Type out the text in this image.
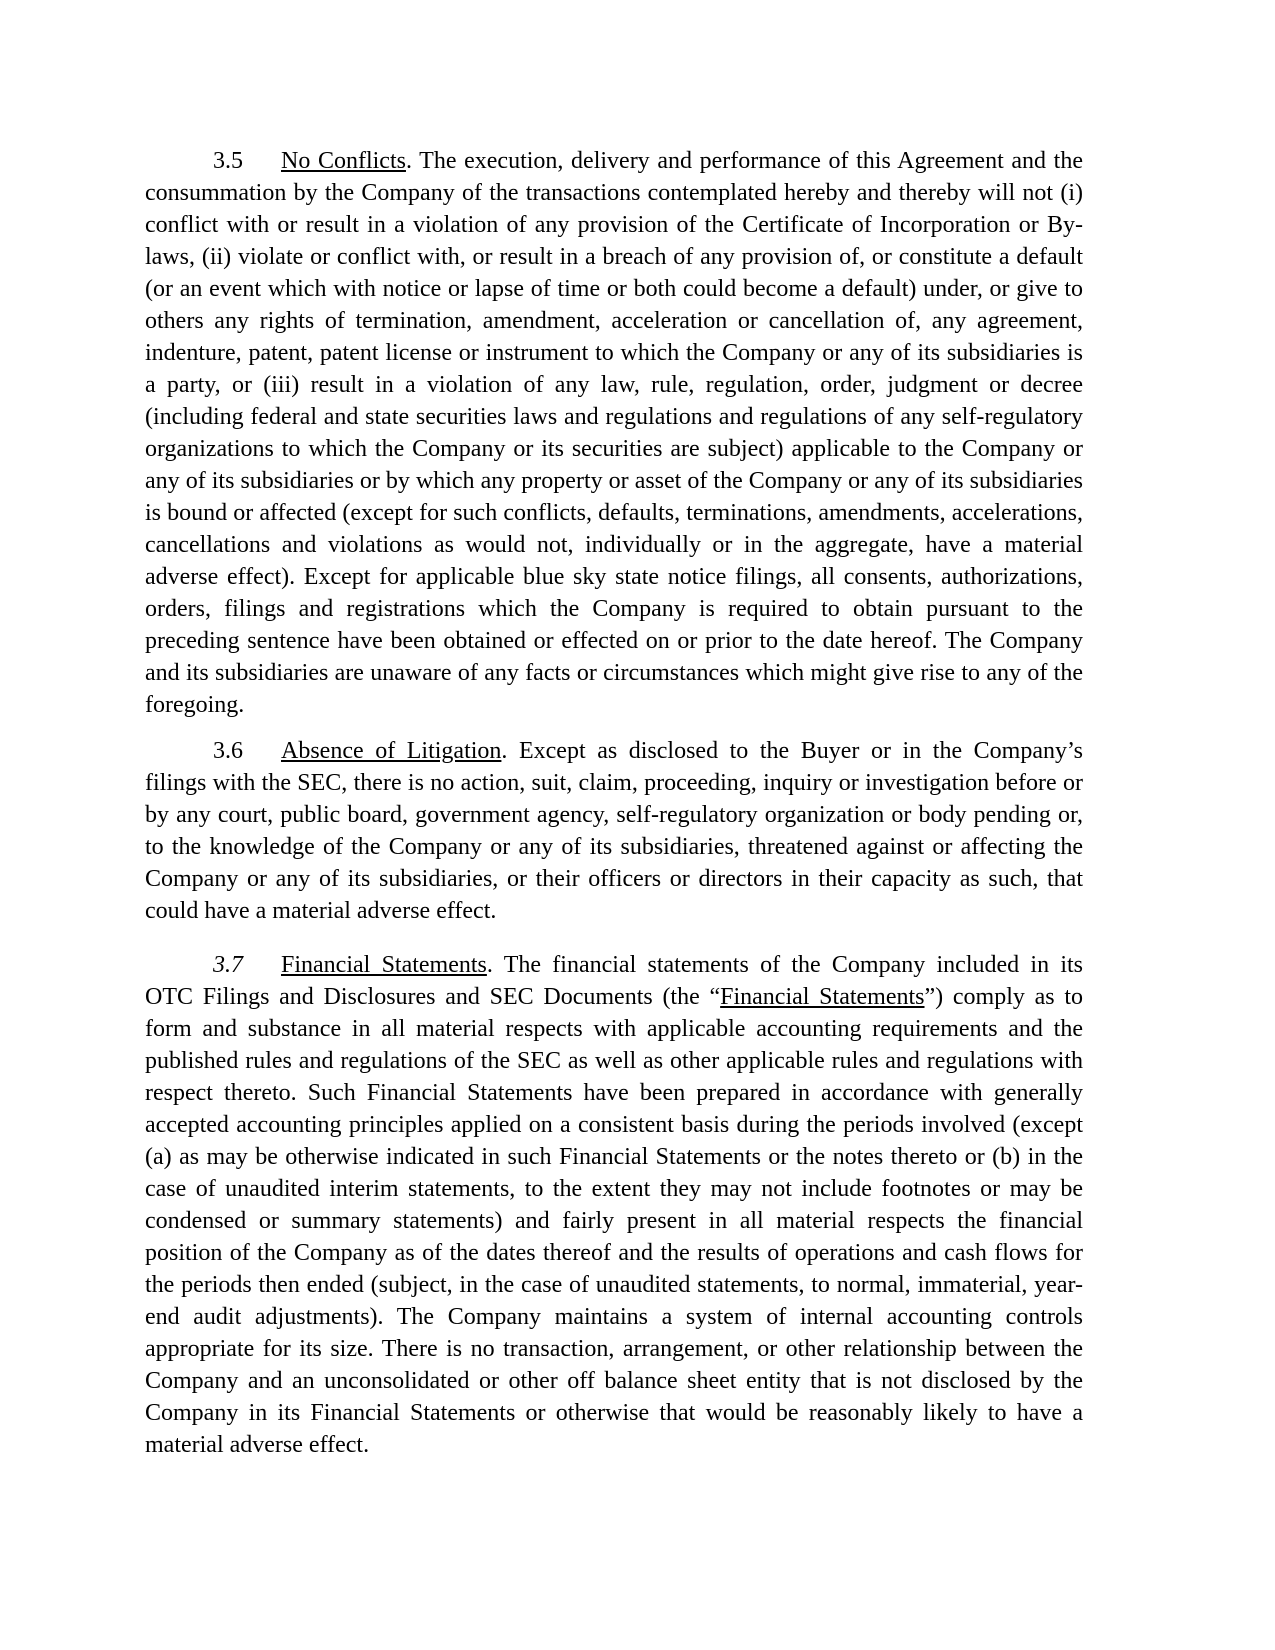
3.5 No Conflicts. The execution, delivery and performance of this Agreement and the consummation by the Company of the transactions contemplated hereby and thereby will not (i) conflict with or result in a violation of any provision of the Certificate of Incorporation or By-laws, (ii) violate or conflict with, or result in a breach of any provision of, or constitute a default (or an event which with notice or lapse of time or both could become a default) under, or give to others any rights of termination, amendment, acceleration or cancellation of, any agreement, indenture, patent, patent license or instrument to which the Company or any of its subsidiaries is a party, or (iii) result in a violation of any law, rule, regulation, order, judgment or decree (including federal and state securities laws and regulations and regulations of any self-regulatory organizations to which the Company or its securities are subject) applicable to the Company or any of its subsidiaries or by which any property or asset of the Company or any of its subsidiaries is bound or affected (except for such conflicts, defaults, terminations, amendments, accelerations, cancellations and violations as would not, individually or in the aggregate, have a material adverse effect). Except for applicable blue sky state notice filings, all consents, authorizations, orders, filings and registrations which the Company is required to obtain pursuant to the preceding sentence have been obtained or effected on or prior to the date hereof. The Company and its subsidiaries are unaware of any facts or circumstances which might give rise to any of the foregoing.

3.6 Absence of Litigation. Except as disclosed to the Buyer or in the Company’s filings with the SEC, there is no action, suit, claim, proceeding, inquiry or investigation before or by any court, public board, government agency, self-regulatory organization or body pending or, to the knowledge of the Company or any of its subsidiaries, threatened against or affecting the Company or any of its subsidiaries, or their officers or directors in their capacity as such, that could have a material adverse effect.

3.7 Financial Statements. The financial statements of the Company included in its OTC Filings and Disclosures and SEC Documents (the “Financial Statements”) comply as to form and substance in all material respects with applicable accounting requirements and the published rules and regulations of the SEC as well as other applicable rules and regulations with respect thereto. Such Financial Statements have been prepared in accordance with generally accepted accounting principles applied on a consistent basis during the periods involved (except (a) as may be otherwise indicated in such Financial Statements or the notes thereto or (b) in the case of unaudited interim statements, to the extent they may not include footnotes or may be condensed or summary statements) and fairly present in all material respects the financial position of the Company as of the dates thereof and the results of operations and cash flows for the periods then ended (subject, in the case of unaudited statements, to normal, immaterial, year-end audit adjustments). The Company maintains a system of internal accounting controls appropriate for its size. There is no transaction, arrangement, or other relationship between the Company and an unconsolidated or other off balance sheet entity that is not disclosed by the Company in its Financial Statements or otherwise that would be reasonably likely to have a material adverse effect.
